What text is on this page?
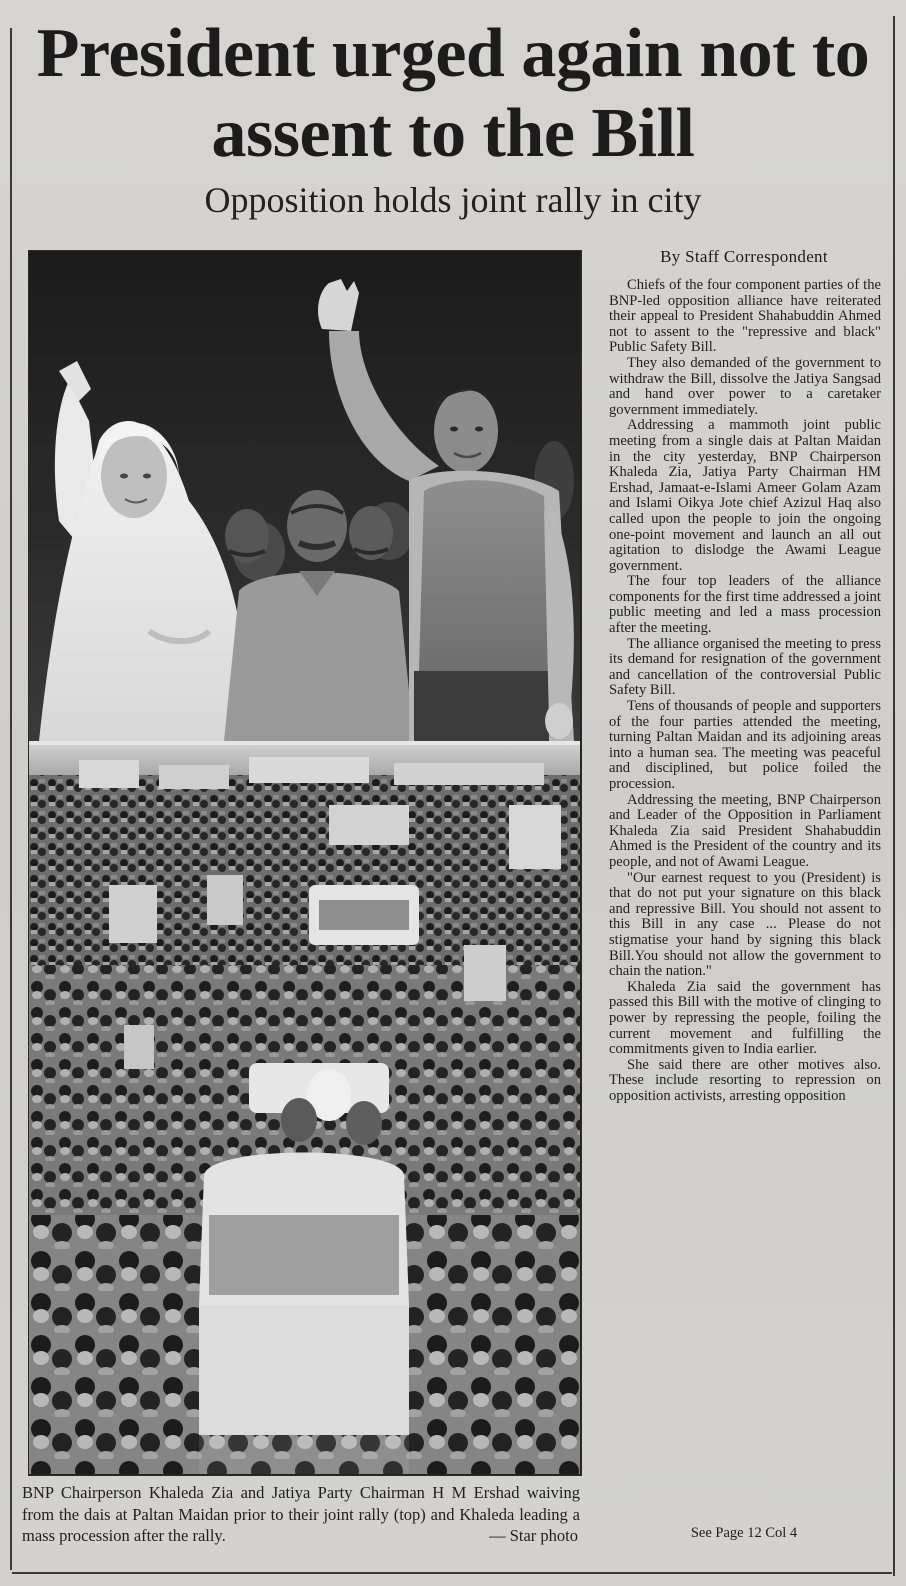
President urged again not to assent to the Bill
Opposition holds joint rally in city
BNP Chairperson Khaleda Zia and Jatiya Party Chairman H M Ershad waiving from the dais at Paltan Maidan prior to their joint rally (top) and Khaleda leading a mass procession after the rally.	— Star photo
By Staff Correspondent

Chiefs of the four component parties of the BNP-led opposition alliance have reiterated their appeal to President Shahabuddin Ahmed not to assent to the "repressive and black" Public Safety Bill.

They also demanded of the government to withdraw the Bill, dissolve the Jatiya Sangsad and hand over power to a caretaker government immediately.

Addressing a mammoth joint public meeting from a single dais at Paltan Maidan in the city yesterday, BNP Chairperson Khaleda Zia, Jatiya Party Chairman HM Ershad, Jamaat-e-Islami Ameer Golam Azam and Islami Oikya Jote chief Azizul Haq also called upon the people to join the ongoing one-point movement and launch an all out agitation to dislodge the Awami League government.

The four top leaders of the alliance components for the first time addressed a joint public meeting and led a mass procession after the meeting.

The alliance organised the meeting to press its demand for resignation of the government and cancellation of the controversial Public Safety Bill.

Tens of thousands of people and supporters of the four parties attended the meeting, turning Paltan Maidan and its adjoining areas into a human sea. The meeting was peaceful and disciplined, but police foiled the procession.

Addressing the meeting, BNP Chairperson and Leader of the Opposition in Parliament Khaleda Zia said President Shahabuddin Ahmed is the President of the country and its people, and not of Awami League.

"Our earnest request to you (President) is that do not put your signature on this black and repressive Bill. You should not assent to this Bill in any case ... Please do not stigmatise your hand by signing this black Bill.You should not allow the government to chain the nation."

Khaleda Zia said the government has passed this Bill with the motive of clinging to power by repressing the people, foiling the current movement and fulfilling the commitments given to India earlier.

She said there are other motives also. These include resorting to repression on opposition activists, arresting opposition

See Page 12 Col 4
